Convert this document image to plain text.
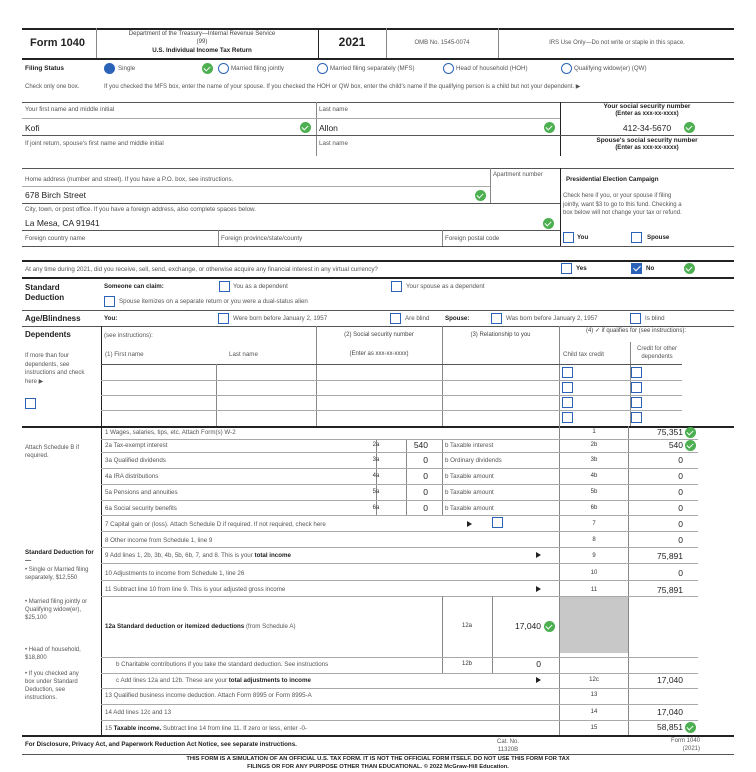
Form 1040
Department of the Treasury—Internal Revenue Service
(99)
U.S. Individual Income Tax Return
2021	OMB No. 1545-0074	IRS Use Only—Do not write or staple in this space.
Filing Status	Single	Married filing jointly	Married filing separately (MFS)	Head of household (HOH)	Qualifying widow(er) (QW)
Check only one box.	If you checked the MFS box, enter the name of your spouse. If you checked the HOH or QW box, enter the child's name if the qualifying person is a child but not your dependent. ▶
Your first name and middle initial	Last name	Your social security number
(Enter as xxx-xx-xxxx)
Kofi	Allon	412-34-5670
If joint return, spouse's first name and middle initial	Last name	Spouse's social security number
(Enter as xxx-xx-xxxx)
Home address (number and street). If you have a P.O. box, see instructions.
Apartment number
678 Birch Street
City, town, or post office. If you have a foreign address, also complete spaces below.
La Mesa, CA 91941
Foreign country name	Foreign province/state/county	Foreign postal code
Presidential Election Campaign
Check here if you, or your spouse if filing jointly, want $3 to go to this fund. Checking a box below will not change your tax or refund.
You	Spouse
At any time during 2021, did you receive, sell, send, exchange, or otherwise acquire any financial interest in any virtual currency?	Yes	No
Standard Deduction
Someone can claim:	You as a dependent	Your spouse as a dependent
Spouse itemizes on a separate return or you were a dual-status alien
Age/Blindness	You:	Were born before January 2, 1957	Are blind	Spouse:	Was born before January 2, 1957	Is blind
Dependents	(see instructions):
If more than four dependents, see instructions and check here ▶
(2) Social security number
(Enter as xxx-xx-xxxx)
(3) Relationship to you
(4) ✓ if qualifies for (see instructions):
(1) First name	Last name	Child tax credit
Credit for other dependents
Attach Schedule B if required.
1 Wages, salaries, tips, etc. Attach Form(s) W-2	1	75,351
2a Tax-exempt interest	2a	540	b Taxable interest	2b	540
3a Qualified dividends	3a	0	b Ordinary dividends	3b	0
4a IRA distributions	4a	0	b Taxable amount	4b	0
5a Pensions and annuities	5a	0	b Taxable amount	5b	0
6a Social security benefits	6a	0	b Taxable amount	6b	0
7 Capital gain or (loss). Attach Schedule D if required. If not required, check here	7	0
8 Other income from Schedule 1, line 9	8	0
Standard Deduction for—
• Single or Married filing separately, $12,550
• Married filing jointly or Qualifying widow(er), $25,100
• Head of household, $18,800
• If you checked any box under Standard Deduction, see instructions.
9 Add lines 1, 2b, 3b, 4b, 5b, 6b, 7, and 8. This is your total income	9	75,891
10 Adjustments to income from Schedule 1, line 26	10	0
11 Subtract line 10 from line 9. This is your adjusted gross income	11	75,891
12a Standard deduction or itemized deductions (from Schedule A)	12a	17,040
b Charitable contributions if you take the standard deduction. See instructions	12b	0
c Add lines 12a and 12b. These are your total adjustments to income	12c	17,040
13 Qualified business income deduction. Attach Form 8995 or Form 8995-A	13
14 Add lines 12c and 13	14	17,040
15 Taxable income. Subtract line 14 from line 11. If zero or less, enter -0-	15	58,851
For Disclosure, Privacy Act, and Paperwork Reduction Act Notice, see separate instructions.	Cat. No. 11320B
Form 1040
(2021)
THIS FORM IS A SIMULATION OF AN OFFICIAL U.S. TAX FORM. IT IS NOT THE OFFICIAL FORM ITSELF. DO NOT USE THIS FORM FOR TAX
FILINGS OR FOR ANY PURPOSE OTHER THAN EDUCATIONAL. © 2022 McGraw-Hill Education.
